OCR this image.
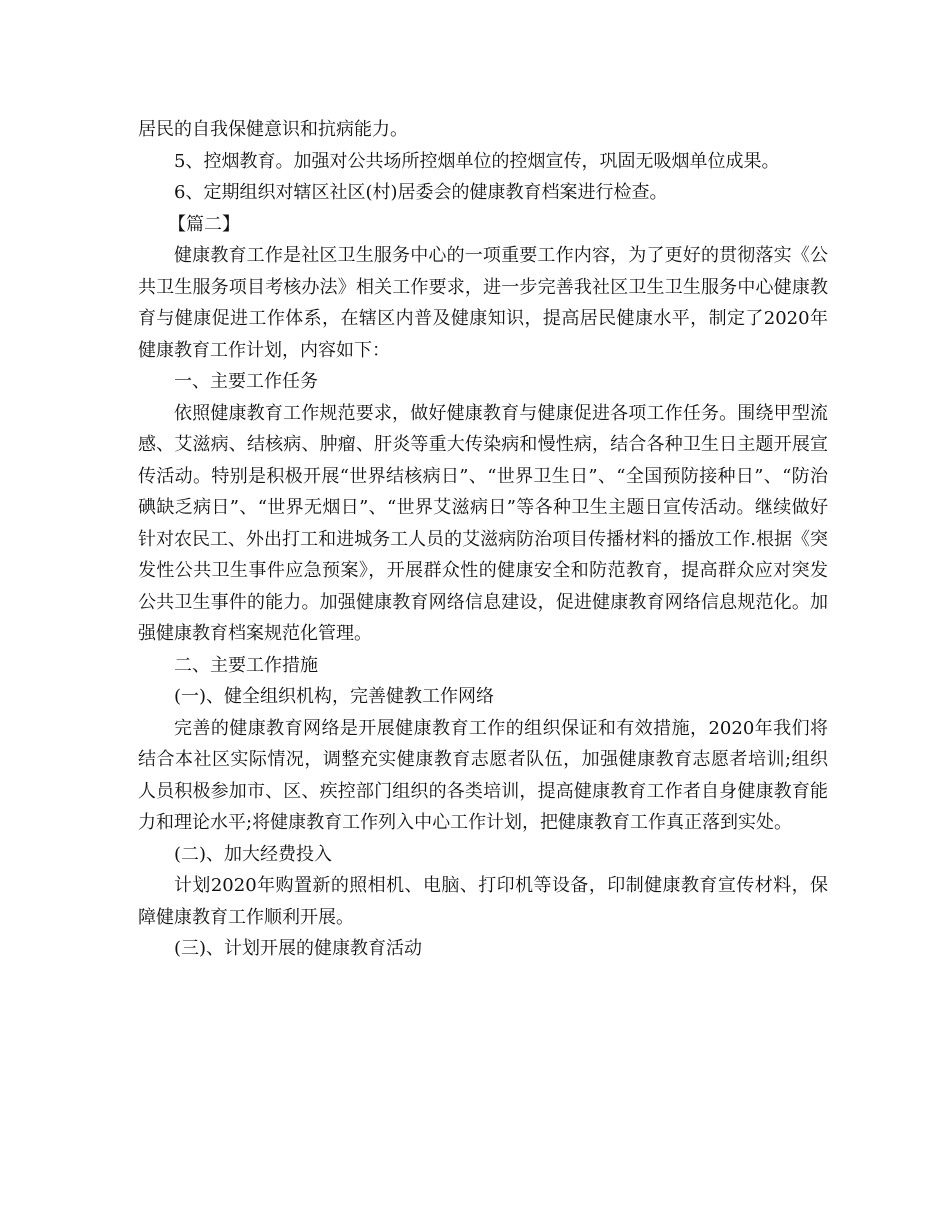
居民的自我保健意识和抗病能力。

5、控烟教育。加强对公共场所控烟单位的控烟宣传，巩固无吸烟单位成果。

6、定期组织对辖区社区(村)居委会的健康教育档案进行检查。

【篇二】

健康教育工作是社区卫生服务中心的一项重要工作内容，为了更好的贯彻落实《公共卫生服务项目考核办法》相关工作要求，进一步完善我社区卫生卫生服务中心健康教育与健康促进工作体系，在辖区内普及健康知识，提高居民健康水平，制定了2020年健康教育工作计划，内容如下：

一、主要工作任务

依照健康教育工作规范要求，做好健康教育与健康促进各项工作任务。围绕甲型流感、艾滋病、结核病、肿瘤、肝炎等重大传染病和慢性病，结合各种卫生日主题开展宣传活动。特别是积极开展“世界结核病日”、“世界卫生日”、“全国预防接种日”、“防治碘缺乏病日”、“世界无烟日”、“世界艾滋病日”等各种卫生主题日宣传活动。继续做好针对农民工、外出打工和进城务工人员的艾滋病防治项目传播材料的播放工作.根据《突发性公共卫生事件应急预案》，开展群众性的健康安全和防范教育，提高群众应对突发公共卫生事件的能力。加强健康教育网络信息建设，促进健康教育网络信息规范化。加强健康教育档案规范化管理。

二、主要工作措施

(一)、健全组织机构，完善健教工作网络

完善的健康教育网络是开展健康教育工作的组织保证和有效措施，2020年我们将结合本社区实际情况，调整充实健康教育志愿者队伍，加强健康教育志愿者培训;组织人员积极参加市、区、疾控部门组织的各类培训，提高健康教育工作者自身健康教育能力和理论水平;将健康教育工作列入中心工作计划，把健康教育工作真正落到实处。

(二)、加大经费投入

计划2020年购置新的照相机、电脑、打印机等设备，印制健康教育宣传材料，保障健康教育工作顺利开展。

(三)、计划开展的健康教育活动
